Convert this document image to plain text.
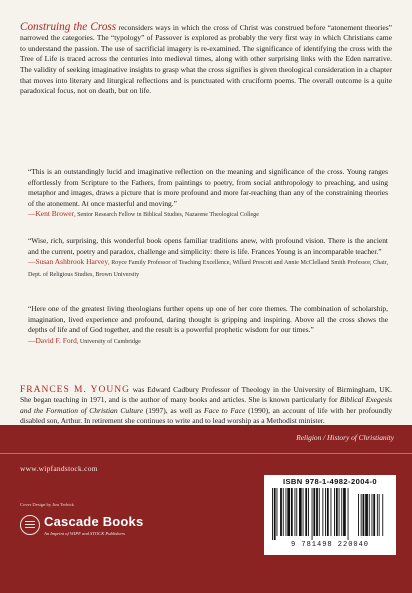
Construing the Cross reconsiders ways in which the cross of Christ was construed before “atonement theories” narrowed the categories. The “typology” of Passover is explored as probably the very first way in which Christians came to understand the passion. The use of sacrificial imagery is re-examined. The significance of identifying the cross with the Tree of Life is traced across the centuries into medieval times, along with other surprising links with the Eden narrative. The validity of seeking imaginative insights to grasp what the cross signifies is given theological consideration in a chapter that moves into literary and liturgical reflections and is punctuated with cruciform poems. The overall outcome is a quite paradoxical focus, not on death, but on life.

“This is an outstandingly lucid and imaginative reflection on the meaning and significance of the cross. Young ranges effortlessly from Scripture to the Fathers, from paintings to poetry, from social anthropology to preaching, and using metaphor and images, draws a picture that is more profound and more far-reaching than any of the constraining theories of the atonement. At once masterful and moving.”
—Kent Brower, Senior Research Fellow in Biblical Studies, Nazarene Theological College

“Wise, rich, surprising, this wonderful book opens familiar traditions anew, with profound vision. There is the ancient and the current, poetry and paradox, challenge and simplicity: there is life. Frances Young is an incomparable teacher.”
—Susan Ashbrook Harvey, Royce Family Professor of Teaching Excellence, Willard Prescott and Annie McClelland Smith Professor, Chair, Dept. of Religious Studies, Brown University

“Here one of the greatest living theologians further opens up one of her core themes. The combination of scholarship, imagination, lived experience and profound, daring thought is gripping and inspiring. Above all the cross shows the depths of life and of God together, and the result is a powerful prophetic wisdom for our times.”
—David F. Ford, University of Cambridge

FRANCES M. YOUNG was Edward Cadbury Professor of Theology in the University of Birmingham, UK. She began teaching in 1971, and is the author of many books and articles. She is known particularly for Biblical Exegesis and the Formation of Christian Culture (1997), as well as Face to Face (1990), an account of life with her profoundly disabled son, Arthur. In retirement she continues to write and to lead worship as a Methodist minister.

Religion / History of Christianity
www.wipfandstock.com
Cover Design by Jim Tedrick
Cascade Books
An Imprint of WIPF and STOCK Publishers
ISBN 978-1-4982-2004-0
9 781498 220040
